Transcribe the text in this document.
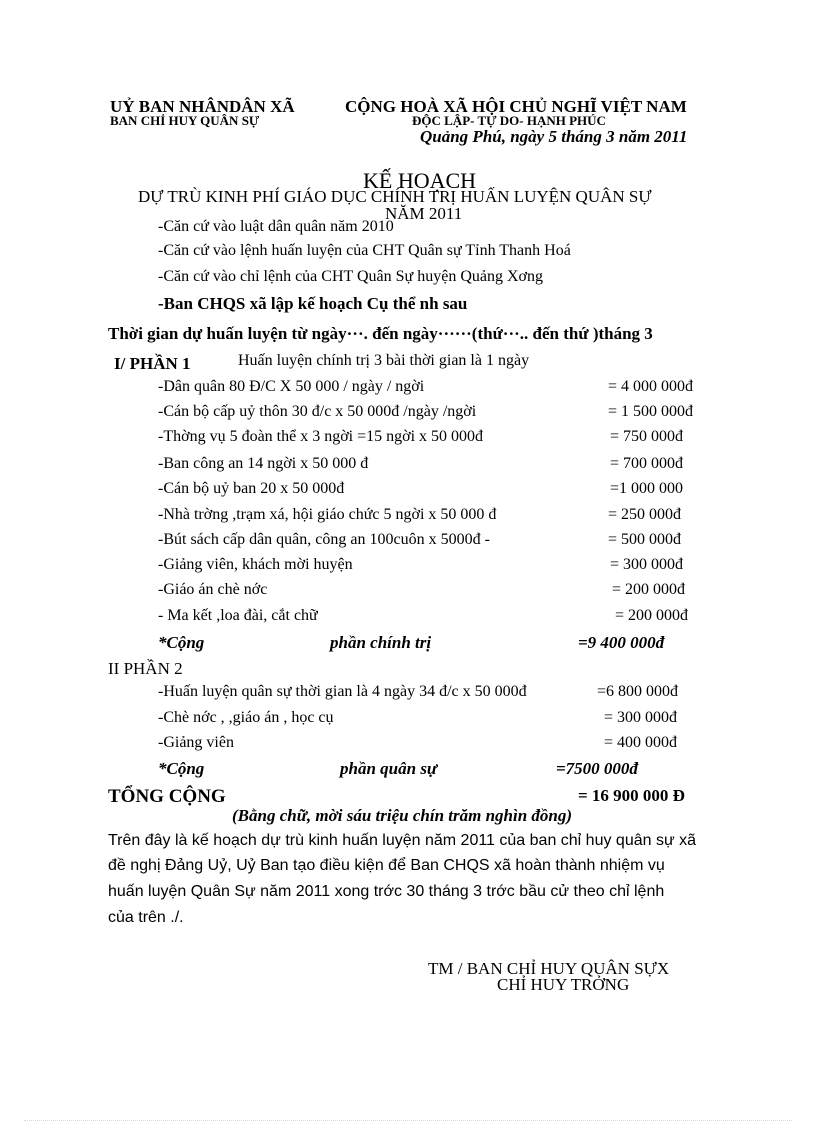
UỶ BAN NHÂNDÂN XÃ
BAN CHỈ HUY QUÂN SỰ
CỘNG HOÀ XÃ HỘI CHỦ NGHĨ VIỆT NAM
ĐỘC LẬP- TỰ DO- HẠNH PHÚC
Quảng Phú, ngày 5 tháng 3 năm 2011
KẾ HOẠCH
DỰ TRÙ KINH PHÍ GIÁO DỤC CHÍNH TRỊ HUẤN LUYỆN QUÂN SỰ
NĂM 2011
-Căn cứ vào luật dân quân năm 2010
-Căn cứ vào lệnh huấn luyện của CHT Quân sự Tỉnh Thanh Hoá
-Căn cứ vào chỉ lệnh của CHT Quân Sự huyện Quảng Xơng
-Ban CHQS xã lập kế hoạch Cụ thể nh sau
Thời gian dự huấn luyện từ ngày···. đến ngày······(thứ···.. đến thứ )tháng 3
I/ PHẦN 1	Huấn luyện chính trị 3 bài thời gian là 1 ngày
-Dân quân 80 Đ/C X 50 000 / ngày / ngời	= 4 000 000đ
-Cán bộ cấp uỷ thôn 30 đ/c x 50 000đ /ngày /ngời	= 1 500 000đ
-Thờng vụ 5 đoàn thể x 3 ngời =15 ngời x 50 000đ	= 750 000đ
-Ban công an 14 ngời x 50 000 đ	= 700 000đ
-Cán bộ uỷ ban 20 x 50 000đ	=1 000 000
-Nhà trờng ,trạm xá, hội giáo chức 5 ngời x 50 000 đ	= 250 000đ
-Bút sách cấp dân quân, công an 100cuôn x 5000đ -	= 500 000đ
-Giảng viên, khách mời huyện	= 300 000đ
-Giáo án chè nớc	= 200 000đ
- Ma kết ,loa đài, cắt chữ	= 200 000đ
*Cộng	phần chính trị	=9 400 000đ
II PHẦN 2
-Huấn luyện quân sự thời gian là 4 ngày 34 đ/c x 50 000đ	=6 800 000đ
-Chè nớc , ,giáo án , học cụ	= 300 000đ
-Giảng viên	= 400 000đ
*Cộng	phần quân sự	=7500 000đ
TỔNG CỘNG	= 16 900 000 Đ
(Bằng chữ, mời sáu triệu chín trăm nghìn đồng)
Trên đây là kế hoạch dự trù kinh huấn luyện năm 2011 của ban chỉ huy quân sự xã
đề nghị Đảng Uỷ, Uỷ Ban tạo điều kiện để Ban CHQS xã hoàn thành nhiệm vụ
huấn luyện Quân Sự năm 2011 xong trớc 30 tháng 3 trớc bầu cử theo chỉ lệnh
của trên ./.
TM / BAN CHỈ HUY QUÂN SỰX
CHỈ HUY TRỞNG
